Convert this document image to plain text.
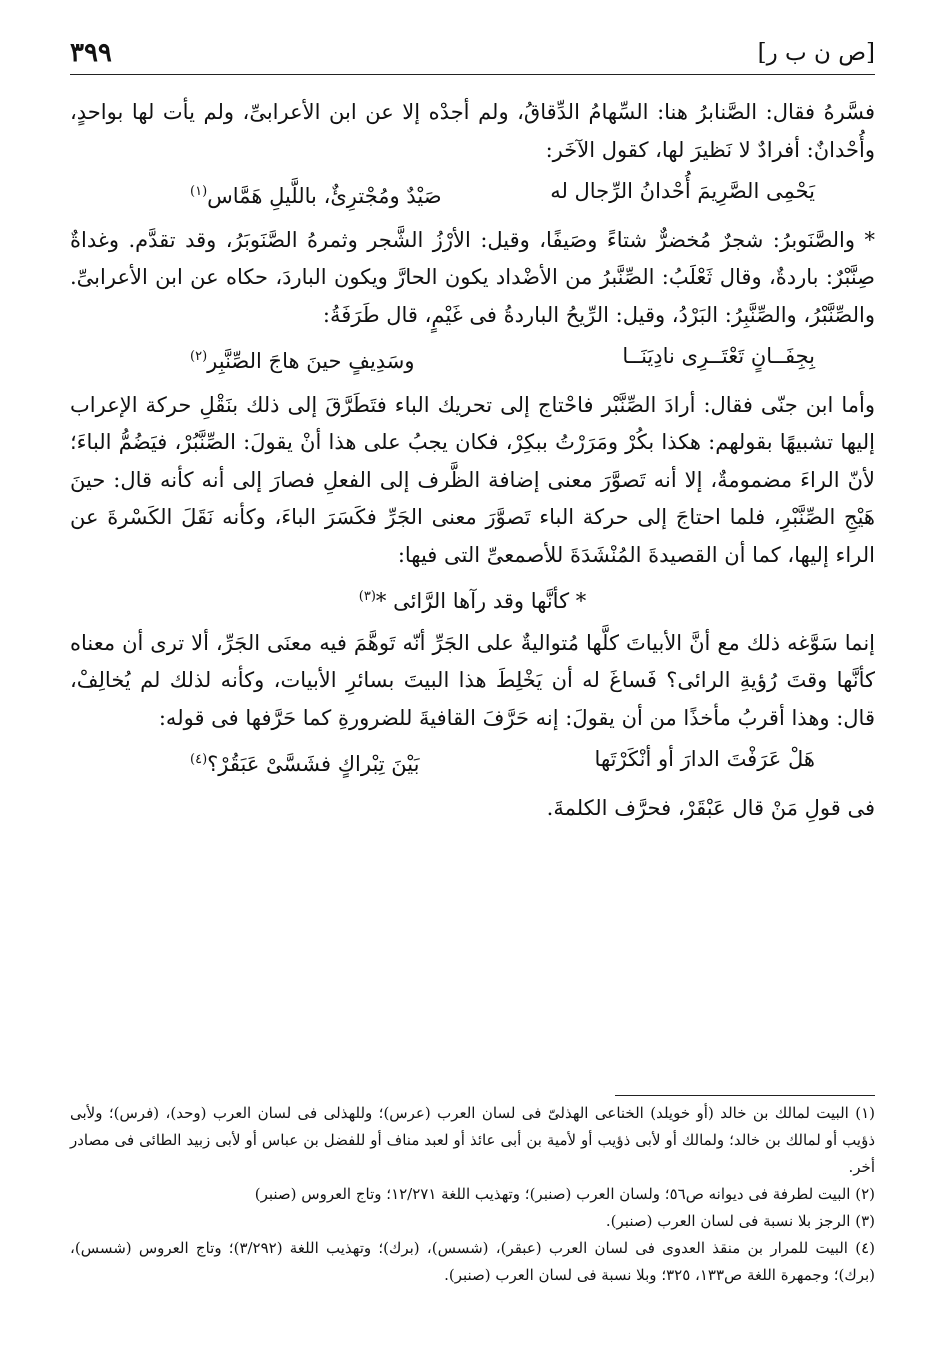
[ص ن ب ر]
٣٩٩

فسَّرهُ فقال: الصَّنابرُ هنا: السِّهامُ الدِّقاقُ، ولم أجدْه إلا عن ابن الأعرابىِّ، ولم يأت لها بواحدٍ، وأُحْدانٌ: أفرادٌ لا نَظيرَ لها، كقول الآخَر:

يَحْمِى الصَّرِيمَ أُحْدانُ الرِّجال له
صَيْدٌ ومُجْترِئٌ، باللَّيلِ هَمَّاس$^{(١)}$

* والصَّنَوبرُ: شجرٌ مُخضرٌّ شتاءً وصَيفًا، وقيل: الأرْزُ الشَّجر وثمرهُ الصَّنَوبَرُ، وقد تقدَّم. وغداةٌ صِنَّبْرٌ: باردةٌ، وقال ثَعْلَبُ: الصِّنَّبرُ من الأضْداد يكون الحارَّ ويكون الباردَ، حكاه عن ابن الأعرابىِّ. والصِّنَّبْرُ، والصِّنَّبِرُ: البَرْدُ، وقيل: الرِّيحُ الباردةُ فى غَيْمٍ، قال طَرَفَةُ:

بِجِفَــانٍ تَعْتَــرِى نادِيَنَــا
وسَدِيفٍ حينَ هاجَ الصِّنَّبِر$^{(٢)}$

وأما ابن جنّى فقال: أرادَ الصِّنَّبْر فاحْتاج إلى تحريك الباء فتَطَرَّقَ إلى ذلك بنَقْلِ حركة الإعراب إليها تشبيهًا بقولهم: هكذا بكُرْ ومَرَرْتُ ببكِرْ، فكان يجبُ على هذا أنْ يقولَ: الصِّنَّبُرْ، فيَضُمُّ الباءَ؛ لأنّ الراءَ مضمومةٌ، إلا أنه تَصوَّرَ معنى إضافة الظَّرف إلى الفعلِ فصارَ إلى أنه كأنه قال: حينَ هَيْجِ الصِّنَّبْرِ، فلما احتاجَ إلى حركة الباء تَصوَّرَ معنى الجَرِّ فكَسَرَ الباءَ، وكأنه نَقَلَ الكَسْرةَ عن الراء إليها، كما أن القصيدةَ المُنْشَدَةَ للأصمعىِّ التى فيها:

* كأنَّها وقد رآها الرَّائى *$^{(٣)}$

إنما سَوَّغه ذلك مع أنَّ الأبياتَ كلَّها مُتواليةٌ على الجَرِّ أنّه تَوهَّمَ فيه معنَى الجَرِّ، ألا ترى أن معناه كأنَّها وقتَ رُؤيةِ الرائى؟ فَساغَ له أن يَخْلِطَ هذا البيتَ بسائرِ الأبيات، وكأنه لذلك لم يُخالِفْ، قال: وهذا أقربُ مأخذًا من أن يقولَ: إنه حَرَّفَ القافيةَ للضرورةِ كما حَرَّفها فى قوله:

هَلْ عَرَفْتَ الدارَ أو أنْكَرْتَها
بَيْنَ تِبْراكٍ فشَسَّىْ عَبَقُرْ؟$^{(٤)}$

فى قولِ مَنْ قال عَبْقَرْ، فحرَّف الكلمةَ.

(١) البيت لمالك بن خالد (أو خويلد) الخناعى الهذلىّ فى لسان العرب (عرس)؛ وللهذلى فى لسان العرب (وحد)، (فرس)؛ ولأبى ذؤيب أو لمالك بن خالد؛ ولمالك أو لأبى ذؤيب أو لأمية بن أبى عائذ أو لعبد مناف أو للفضل بن عباس أو لأبى زبيد الطائى فى مصادر أخر.

(٢) البيت لطرفة فى ديوانه ص٥٦؛ ولسان العرب (صنبر)؛ وتهذيب اللغة ١٢/٢٧١؛ وتاج العروس (صنبر)

(٣) الرجز بلا نسبة فى لسان العرب (صنبر).

(٤) البيت للمرار بن منقذ العدوى فى لسان العرب (عبقر)، (شسس)، (برك)؛ وتهذيب اللغة (٣/٢٩٢)؛ وتاج العروس (شسس)، (برك)؛ وجمهرة اللغة ص١٣٣، ٣٢٥؛ وبلا نسبة فى لسان العرب (صنبر).
